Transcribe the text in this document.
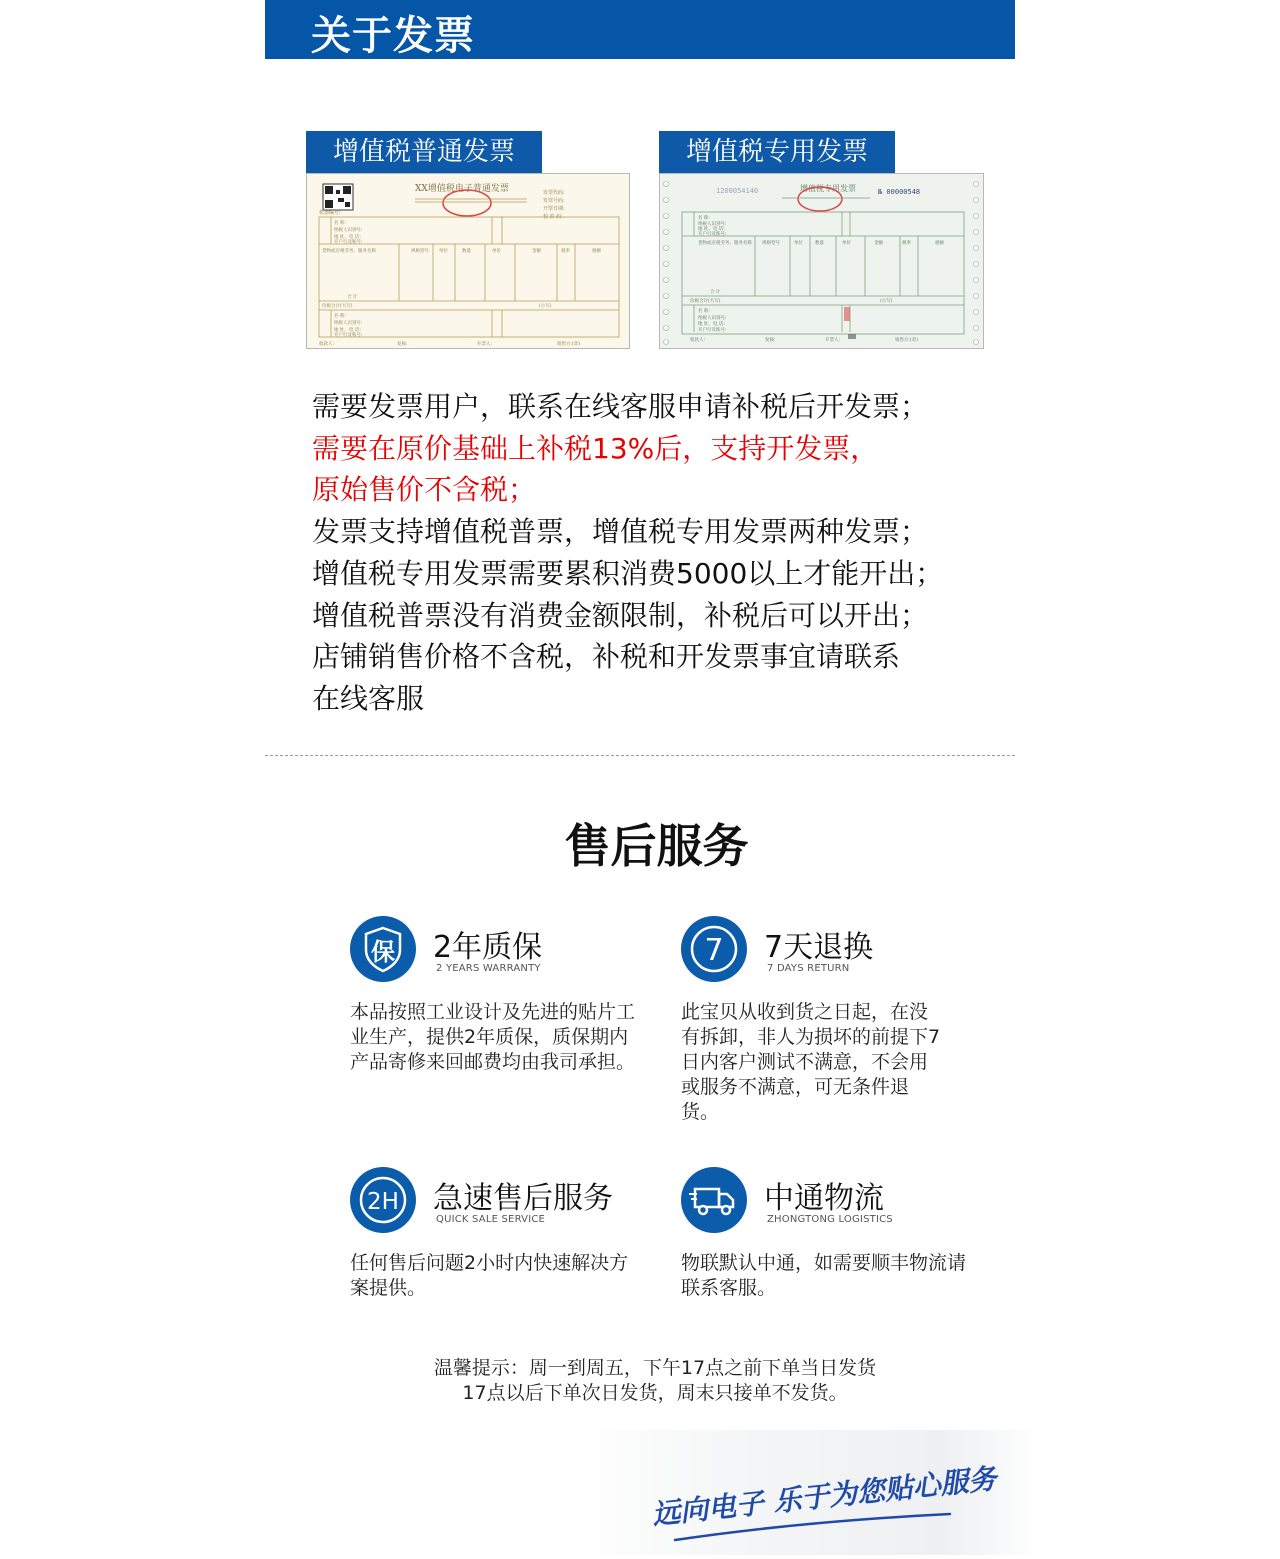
关于发票
增值税普通发票
XX增值税电子普通发票	发票代码:
发票号码:
开票日期:
校 验 码:
机器编号:
名 称:
纳税人识别号:
地 址、电 话:
开户行及账号:
货物或应税劳务、服务名称	规格型号 单位	数量	单价	金额	税率	税额
合 计
价税合计(大写)	(小写)
名 称:
纳税人识别号:
地 址、电 话:
开户行及账号:
收款人:	复核:	开票人:	销售方:(章)
增值税专用发票
1200054140	增值税专用发票	№ 00000548
名 称:
纳税人识别号:
地 址、电 话:
开户行及账号:
货物或应税劳务、服务名称 规格型号	单位	数量	单价	金额	税率	税额
合 计
价税合计(大写)	(小写)
名 称:
纳税人识别号:
地 址、电 话:
开户行及账号:
收款人:	复核:	开票人:	销售方:(章)
需要发票用户，联系在线客服申请补税后开发票；
需要在原价基础上补税13%后，支持开发票，
原始售价不含税；
发票支持增值税普票，增值税专用发票两种发票；
增值税专用发票需要累积消费5000以上才能开出；
增值税普票没有消费金额限制，补税后可以开出；
店铺销售价格不含税，补税和开发票事宜请联系
在线客服
售后服务
保 2年质保
2 YEARS WARRANTY
本品按照工业设计及先进的贴片工业生产，提供2年质保，质保期内产品寄修来回邮费均由我司承担。
7 7天退换
7 DAYS RETURN
此宝贝从收到货之日起，在没有拆卸，非人为损坏的前提下7日内客户测试不满意，不会用或服务不满意，可无条件退货。
2H 急速售后服务
QUICK SALE SERVICE
任何售后问题2小时内快速解决方案提供。
中通物流
ZHONGTONG LOGISTICS
物联默认中通，如需要顺丰物流请联系客服。
温馨提示：周一到周五，下午17点之前下单当日发货
17点以后下单次日发货，周末只接单不发货。
远向电子 乐于为您贴心服务
